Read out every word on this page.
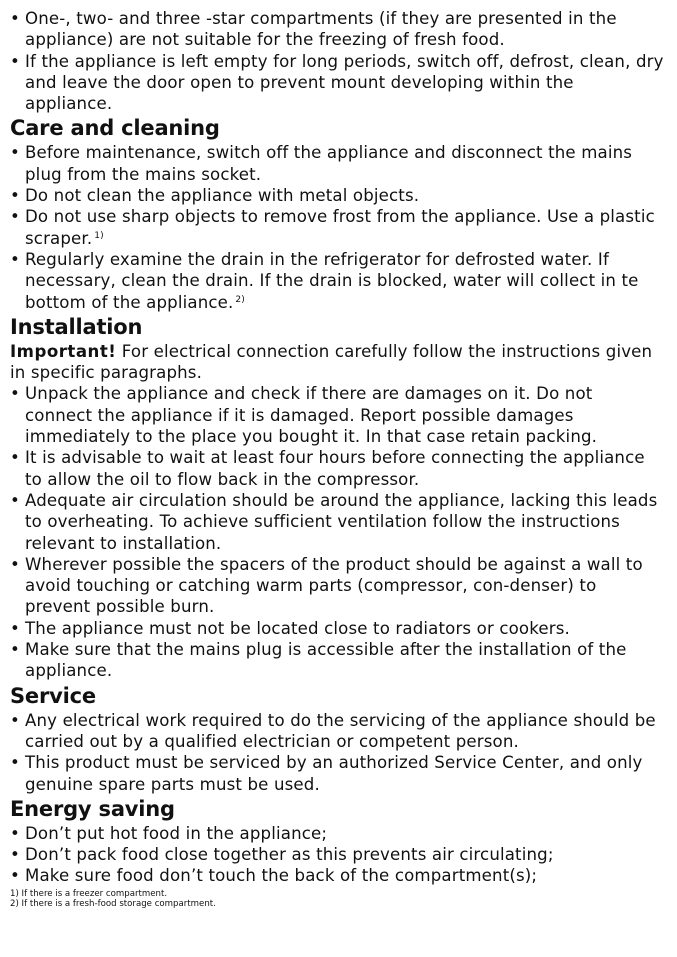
• One-, two- and three -star compartments (if they are presented in the appliance) are not suitable for the freezing of fresh food.
• If the appliance is left empty for long periods, switch off, defrost, clean, dry and leave the door open to prevent mount developing within the appliance.
Care and cleaning
• Before maintenance, switch off the appliance and disconnect the mains plug from the mains socket.
• Do not clean the appliance with metal objects.
• Do not use sharp objects to remove frost from the appliance. Use a plastic scraper. $^{1)}$
• Regularly examine the drain in the refrigerator for defrosted water. If necessary, clean the drain. If the drain is blocked, water will collect in te bottom of the appliance. $^{2)}$
Installation
Important! For electrical connection carefully follow the instructions given in specific paragraphs.
• Unpack the appliance and check if there are damages on it. Do not connect the appliance if it is damaged. Report possible damages immediately to the place you bought it. In that case retain packing.
• It is advisable to wait at least four hours before connecting the appliance to allow the oil to flow back in the compressor.
• Adequate air circulation should be around the appliance, lacking this leads to overheating. To achieve sufficient ventilation follow the instructions relevant to installation.
• Wherever possible the spacers of the product should be against a wall to avoid touching or catching warm parts (compressor, con-denser) to prevent possible burn.
• The appliance must not be located close to radiators or cookers.
• Make sure that the mains plug is accessible after the installation of the appliance.
Service
• Any electrical work required to do the servicing of the appliance should be carried out by a qualified electrician or competent person.
• This product must be serviced by an authorized Service Center, and only genuine spare parts must be used.
Energy saving
• Don’t put hot food in the appliance;
• Don’t pack food close together as this prevents air circulating;
• Make sure food don’t touch the back of the compartment(s);
1) If there is a freezer compartment.
2) If there is a fresh-food storage compartment.
